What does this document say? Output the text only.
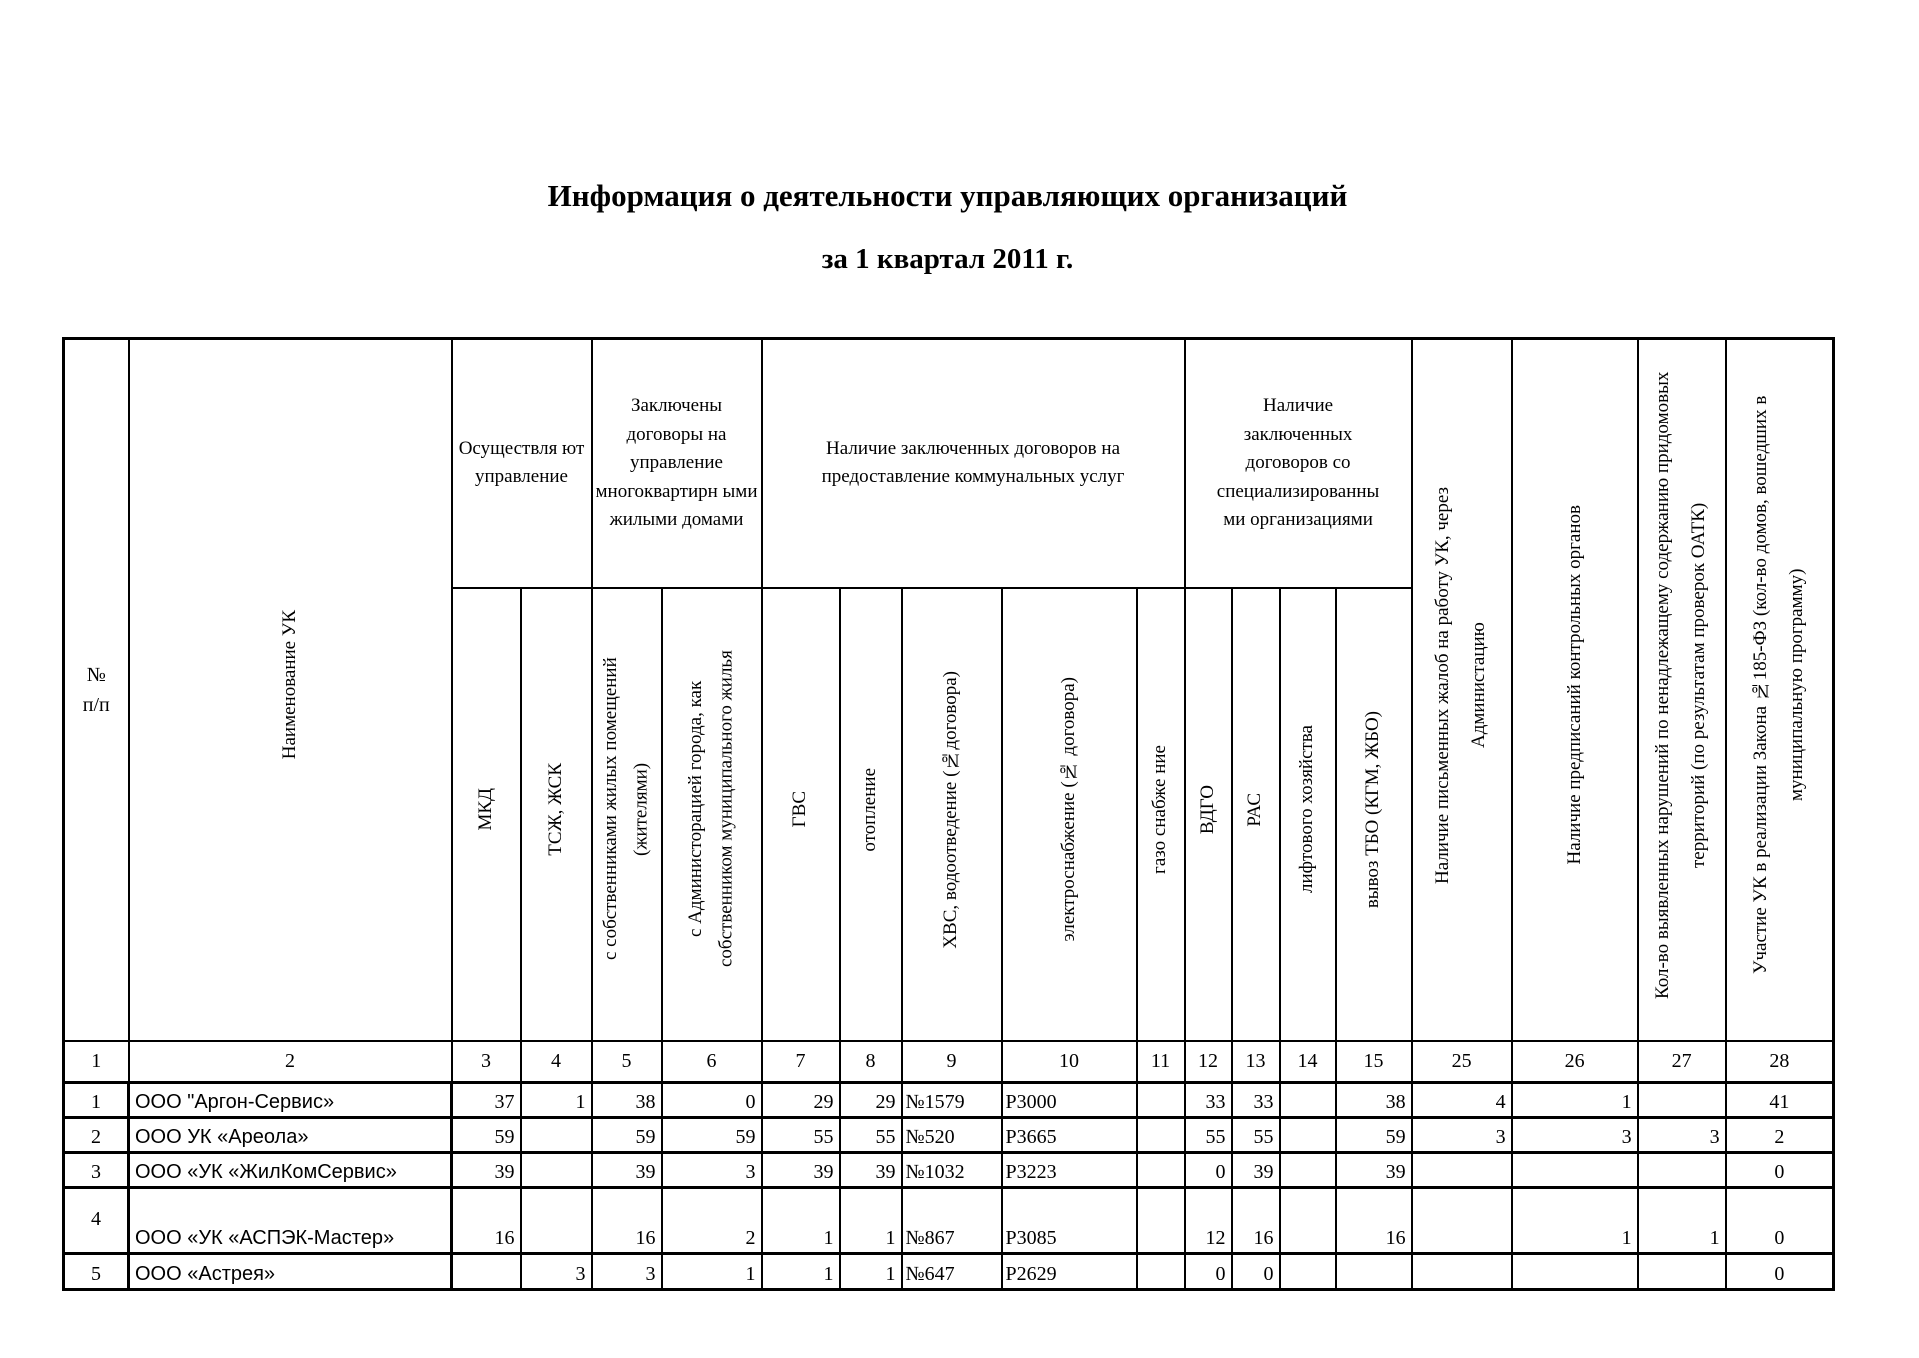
Информация о деятельности управляющих организаций
за 1 квартал 2011 г.
№
п/п	Наименование УК	Осуществля ют управление		Заключены договоры на управление многоквартирн ыми жилыми домами		Наличие заключенных договоров на предоставление коммунальных услуг					Наличие заключенных договоров со специализированны ми организациями				Наличие письменных жалоб на работу УК, через Администацию	Наличие предписаний контрольных органов	Кол-во выявленных нарушений по ненадлежащему содержанию придомовых территорий (по результатам проверок ОАТК)	Участие УК в реализации Закона №185-ФЗ (кол-во домов, вошедших в муниципальную программу)
		МКД	ТСЖ, ЖСК	с собственниками жилых помещений (жителями)	с Администорацией города, как собственником муниципального жилья	ГВС	отопление	ХВС, водоотведение (№договора)	электроснабжение (№ договора)	газо снабже ние	ВДГО	РАС	лифтового хозяйства	вывоз ТБО (КГМ, ЖБО)				
1	2	3	4	5	6	7	8	9	10	11	12	13	14	15	25	26	27	28
1	ООО "Аргон-Сервис»	37	1	38	0	29	29	№1579	Р3000		33	33		38	4	1		41
2	ООО УК «Ареола»	59		59	59	55	55	№520	Р3665		55	55		59	3	3	3	2
3	ООО «УК «ЖилКомСервис»	39		39	3	39	39	№1032	Р3223		0	39		39				0
4	ООО «УК «АСПЭК-Мастер»	16		16	2	1	1	№867	Р3085		12	16		16		1	1	0
5	ООО «Астрея»		3	3	1	1	1	№647	Р2629		0	0						0
